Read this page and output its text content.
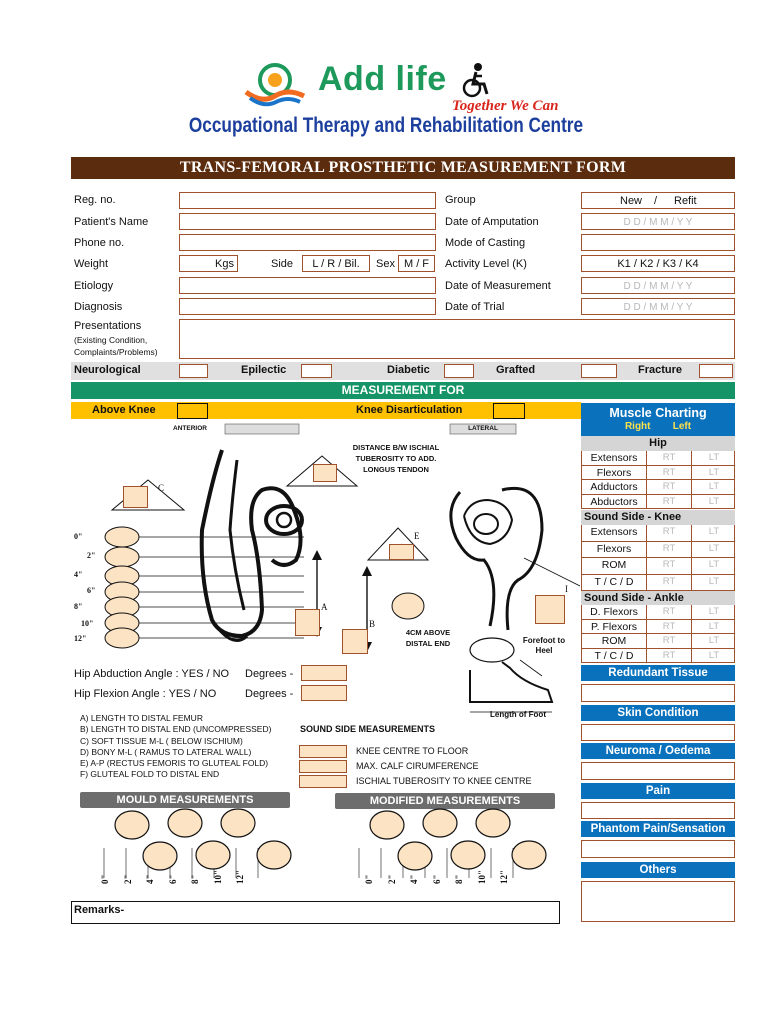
Add life
Together We Can
Occupational Therapy and Rehabilitation Centre
TRANS-FEMORAL PROSTHETIC MEASUREMENT FORM
Reg. no.
Patient's Name
Phone no.
Weight	Kgs	Side	L / R / Bil.	Sex M / F
Etiology
Diagnosis
Presentations
(Existing Condition,
Complaints/Problems)
Group	New / Refit
Date of Amputation	D D / M M / Y Y
Mode of Casting
Activity Level (K)	K1 / K2 / K3 / K4
Date of Measurement	D D / M M / Y Y
Date of Trial	D D / M M / Y Y
Neurological	Epilectic	Diabetic	Grafted	Fracture
MEASUREMENT FOR
Above Knee	Knee Disarticulation
ANTERIOR	LATERAL
DISTANCE B/W ISCHIAL TUBEROSITY TO ADD. LONGUS TENDON
4CM ABOVE DISTAL END	Forefoot to Heel
Length of Foot
C
A
B
E
I
0"
2"
4"
6"
8"
10"
12"
Hip Abduction Angle : YES / NO Degrees -
Hip Flexion Angle : YES / NO	Degrees -
A) LENGTH TO DISTAL FEMUR
B) LENGTH TO DISTAL END (UNCOMPRESSED)
C) SOFT TISSUE M-L ( BELOW ISCHIUM)
D) BONY M-L ( RAMUS TO LATERAL WALL)
E) A-P (RECTUS FEMORIS TO GLUTEAL FOLD)
F) GLUTEAL FOLD TO DISTAL END
SOUND SIDE MEASUREMENTS
KNEE CENTRE TO FLOOR
MAX. CALF CIRUMFERENCE
ISCHIAL TUBEROSITY TO KNEE CENTRE
MOULD MEASUREMENTS	MODIFIED MEASUREMENTS
0" 2" 4" 6" 8" 10" 12"	0" 2" 4" 6" 8" 10" 12"
Remarks-
Muscle Charting
Right Left
Hip
Extensors	RT	LT
Flexors	RT	LT
Adductors	RT	LT
Abductors	RT	LT
Sound Side - Knee
Extensors	RT	LT
Flexors	RT	LT
ROM	RT	LT
T / C / D	RT	LT
Sound Side - Ankle
D. Flexors	RT	LT
P. Flexors	RT	LT
ROM	RT	LT
T / C / D	RT	LT
Redundant Tissue
Skin Condition
Neuroma / Oedema
Pain
Phantom Pain/Sensation
Others
